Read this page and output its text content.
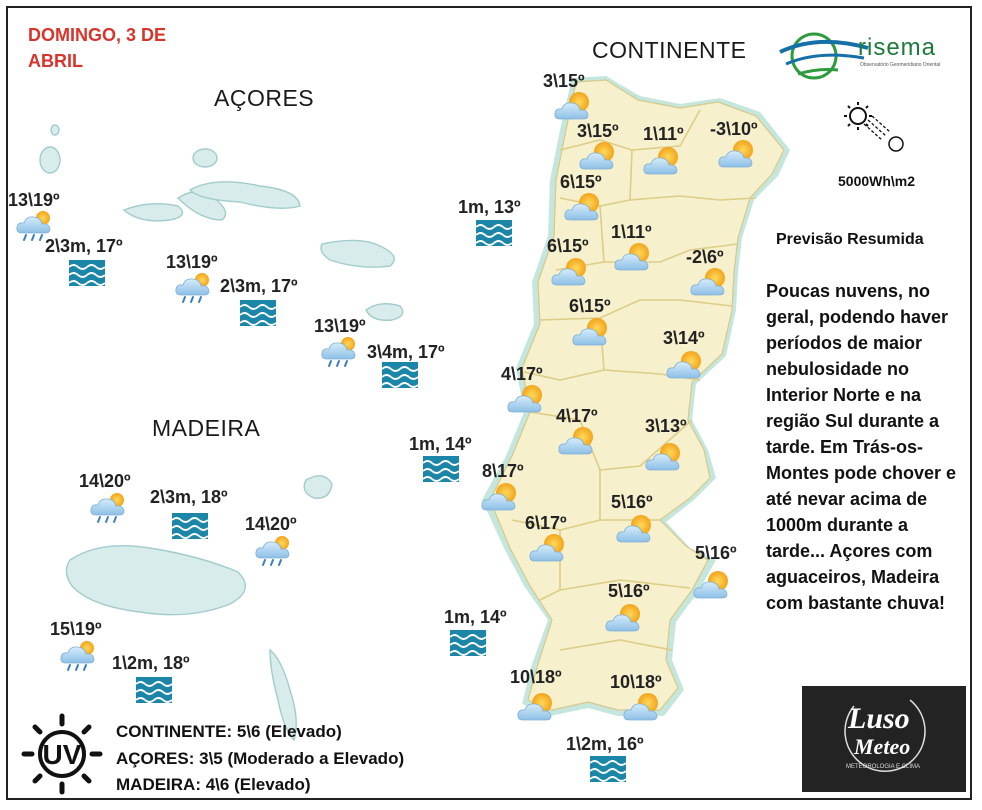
DOMINGO, 3 DE
ABRIL	CONTINENTE
AÇORES
MADEIRA
risema
Observatório Geomeridiano Oriental
5000Wh\m2
Previsão Resumida
Poucas nuvens, no geral, podendo haver períodos de maior nebulosidade no Interior Norte e na região Sul durante a tarde. Em Trás-os-Montes pode chover e até nevar acima de 1000m durante a tarde... Açores com aguaceiros, Madeira com bastante chuva!
3\15º
3\15º 1\11º -3\10º
6\15º
6\15º
1\11º
-2\6º
6\15º
3\14º
4\17º
4\17º	3\13º
8\17º
5\16º
6\17º
5\16º
5\16º
10\18º	10\18º
13\19º
13\19º
13\19º
14\20º
14\20º
15\19º
1m, 13º
1m, 14º
1m, 14º
1\2m, 16º
2\3m, 17º
2\3m, 17º
3\4m, 17º
2\3m, 18º
1\2m, 18º
UV
CONTINENTE: 5\6 (Elevado)
AÇORES: 3\5 (Moderado a Elevado)
MADEIRA: 4\6 (Elevado)
Luso
Meteo
METEOROLOGIA E CLIMA
